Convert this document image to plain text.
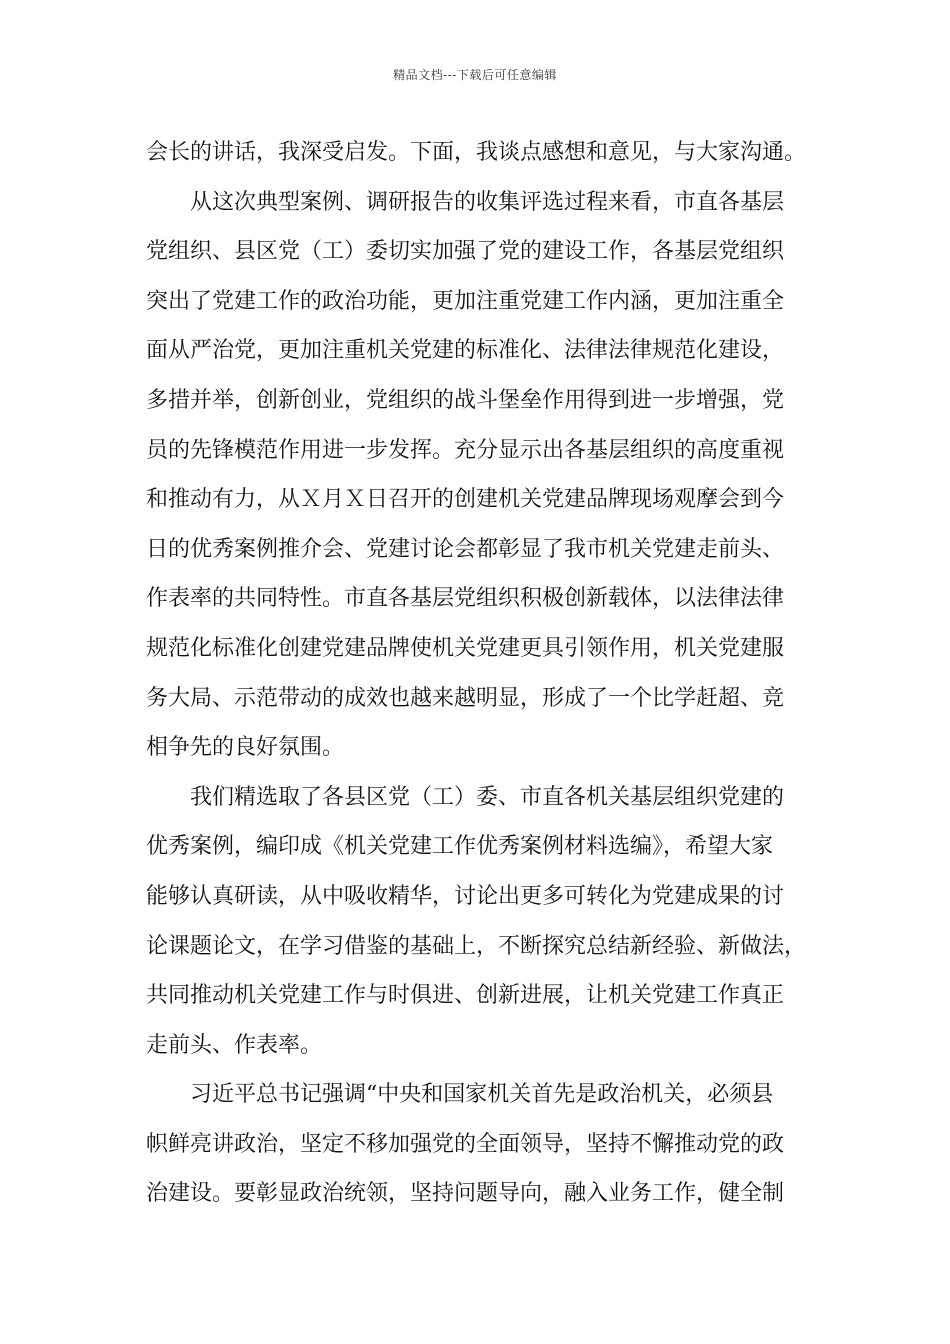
精品文档---下载后可任意编辑
会长的讲话，我深受启发。下面，我谈点感想和意见，与大家沟通。
从这次典型案例、调研报告的收集评选过程来看，市直各基层
党组织、县区党（工）委切实加强了党的建设工作，各基层党组织
突出了党建工作的政治功能，更加注重党建工作内涵，更加注重全
面从严治党，更加注重机关党建的标准化、法律法律规范化建设，
多措并举，创新创业，党组织的战斗堡垒作用得到进一步增强，党
员的先锋模范作用进一步发挥。充分显示出各基层组织的高度重视
和推动有力，从Ｘ月Ｘ日召开的创建机关党建品牌现场观摩会到今
日的优秀案例推介会、党建讨论会都彰显了我市机关党建走前头、
作表率的共同特性。市直各基层党组织积极创新载体，以法律法律
规范化标准化创建党建品牌使机关党建更具引领作用，机关党建服
务大局、示范带动的成效也越来越明显，形成了一个比学赶超、竞
相争先的良好氛围。
我们精选取了各县区党（工）委、市直各机关基层组织党建的
优秀案例，编印成《机关党建工作优秀案例材料选编》，希望大家
能够认真研读，从中吸收精华，讨论出更多可转化为党建成果的讨
论课题论文，在学习借鉴的基础上，不断探究总结新经验、新做法，
共同推动机关党建工作与时俱进、创新进展，让机关党建工作真正
走前头、作表率。
习近平总书记强调“中央和国家机关首先是政治机关，必须县
帜鲜亮讲政治，坚定不移加强党的全面领导，坚持不懈推动党的政
治建设。要彰显政治统领，坚持问题导向，融入业务工作，健全制
